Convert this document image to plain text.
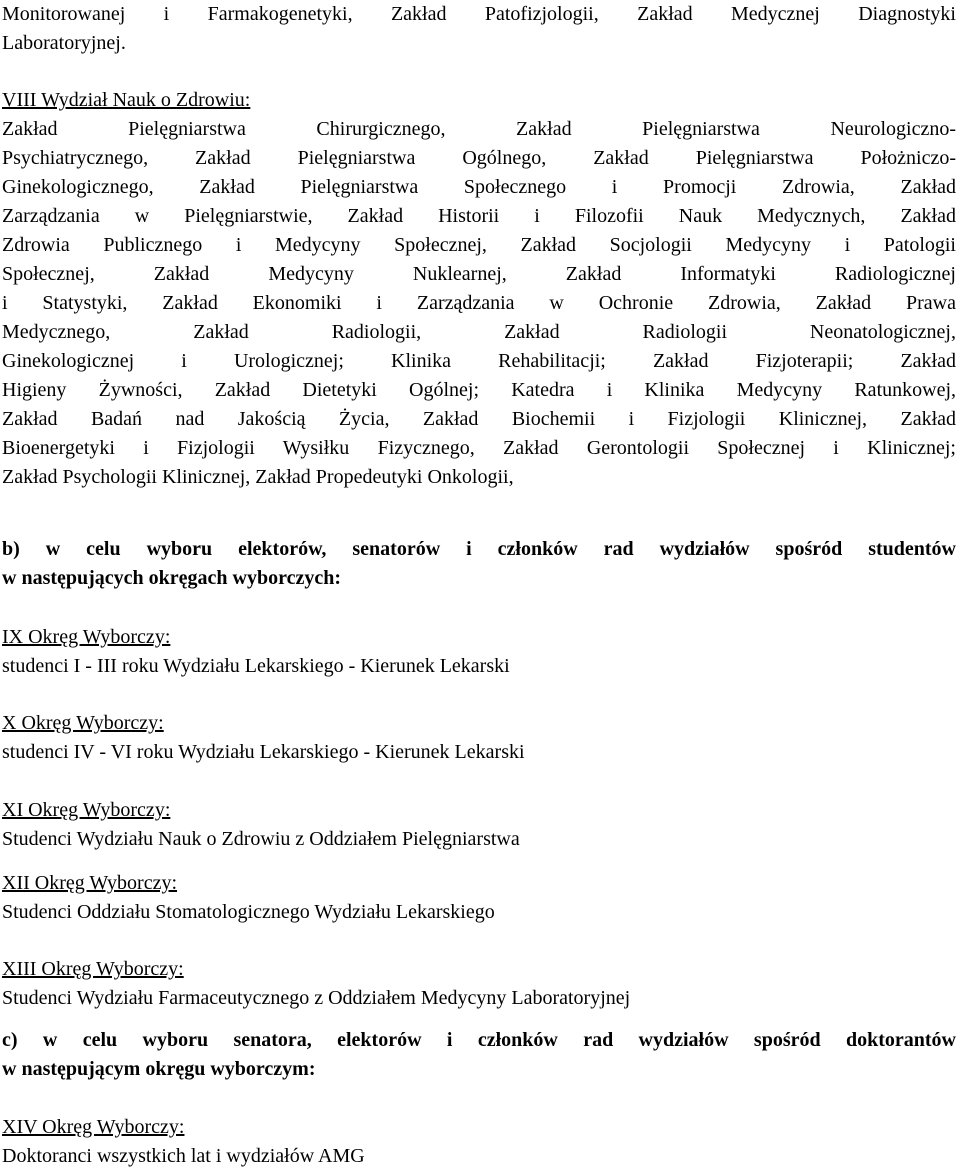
Monitorowanej i Farmakogenetyki, Zakład Patofizjologii, Zakład Medycznej Diagnostyki
Laboratoryjnej.
VIII Wydział Nauk o Zdrowiu:
Zakład Pielęgniarstwa Chirurgicznego, Zakład Pielęgniarstwa Neurologiczno-
Psychiatrycznego, Zakład Pielęgniarstwa Ogólnego, Zakład Pielęgniarstwa Położniczo-
Ginekologicznego, Zakład Pielęgniarstwa Społecznego i Promocji Zdrowia, Zakład
Zarządzania w Pielęgniarstwie, Zakład Historii i Filozofii Nauk Medycznych, Zakład
Zdrowia Publicznego i Medycyny Społecznej, Zakład Socjologii Medycyny i Patologii
Społecznej, Zakład Medycyny Nuklearnej, Zakład Informatyki Radiologicznej
i Statystyki, Zakład Ekonomiki i Zarządzania w Ochronie Zdrowia, Zakład Prawa
Medycznego, Zakład Radiologii, Zakład Radiologii Neonatologicznej,
Ginekologicznej i Urologicznej; Klinika Rehabilitacji; Zakład Fizjoterapii; Zakład
Higieny Żywności, Zakład Dietetyki Ogólnej; Katedra i Klinika Medycyny Ratunkowej,
Zakład Badań nad Jakością Życia, Zakład Biochemii i Fizjologii Klinicznej, Zakład
Bioenergetyki i Fizjologii Wysiłku Fizycznego, Zakład Gerontologii Społecznej i Klinicznej;
Zakład Psychologii Klinicznej, Zakład Propedeutyki Onkologii,
b) w celu wyboru elektorów, senatorów i członków rad wydziałów spośród studentów
w następujących okręgach wyborczych:
IX Okręg Wyborczy:
studenci I - III roku Wydziału Lekarskiego - Kierunek Lekarski
X Okręg Wyborczy:
studenci IV - VI roku Wydziału Lekarskiego - Kierunek Lekarski
XI Okręg Wyborczy:
Studenci Wydziału Nauk o Zdrowiu z Oddziałem Pielęgniarstwa
XII Okręg Wyborczy:
Studenci Oddziału Stomatologicznego Wydziału Lekarskiego
XIII Okręg Wyborczy:
Studenci Wydziału Farmaceutycznego z Oddziałem Medycyny Laboratoryjnej
c) w celu wyboru senatora, elektorów i członków rad wydziałów spośród doktorantów
w następującym okręgu wyborczym:
XIV Okręg Wyborczy:
Doktoranci wszystkich lat i wydziałów AMG
